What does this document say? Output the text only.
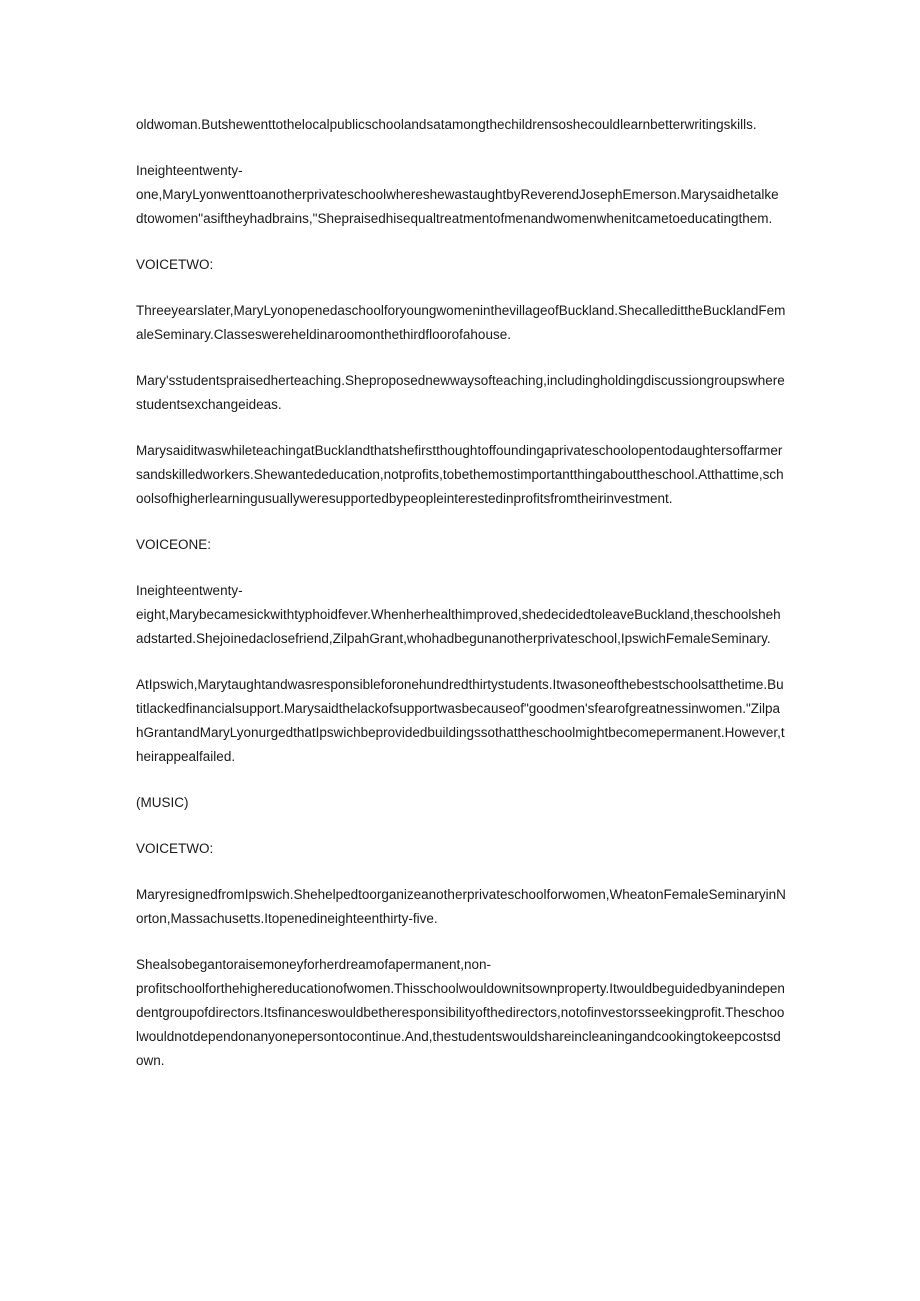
oldwoman.Butshewenttothelocalpublicschoolandsatamongthechildrensoshecouldlearnbetterwritingskills.

Ineighteentwenty-
one,MaryLyonwenttoanotherprivateschoolwhereshewastaughtbyReverendJosephEmerson.Marysaidhetalkedtowomen"asiftheyhadbrains,"Shepraisedhisequaltreatmentofmenandwomenwhenitcametoeducatingthem.

VOICETWO:

Threeyearslater,MaryLyonopenedaschoolforyoungwomeninthevillageofBuckland.ShecalledittheBucklandFemaleSeminary.Classeswereheldinaroomonthethirdfloorofahouse.

Mary'sstudentspraisedherteaching.Sheproposednewwaysofteaching,includingholdingdiscussiongroupswherestudentsexchangeideas.

MarysaiditwaswhileteachingatBucklandthatshefirstthoughtoffoundingaprivateschoolopentodaughtersoffarmersandskilledworkers.Shewantededucation,notprofits,tobethemostimportantthingabouttheschool.Atthattime,schoolsofhigherlearningusuallyweresupportedbypeopleinterestedinprofitsfromtheirinvestment.

VOICEONE:

Ineighteentwenty-
eight,Marybecamesickwithtyphoidfever.Whenherhealthimproved,shedecidedtoleaveBuckland,theschoolshehadstarted.Shejoinedaclosefriend,ZilpahGrant,whohadbegunanotherprivateschool,IpswichFemaleSeminary.

AtIpswich,Marytaughtandwasresponsibleforonehundredthirtystudents.Itwasoneofthebestschoolsatthetime.Butitlackedfinancialsupport.Marysaidthelackofsupportwasbecauseof"goodmen'sfearofgreatnessinwomen."ZilpahGrantandMaryLyonurgedthatIpswichbeprovidedbuildingssothattheschoolmightbecomepermanent.However,theirappealfailed.

(MUSIC)

VOICETWO:

MaryresignedfromIpswich.Shehelpedtoorganizeanotherprivateschoolforwomen,WheatonFemaleSeminaryinNorton,Massachusetts.Itopenedineighteenthirty-five.

Shealsobegantoraisemoneyforherdreamofapermanent,non-
profitschoolforthehighereducationofwomen.Thisschoolwouldownitsownproperty.Itwouldbeguidedbyanindependentgroupofdirectors.Itsfinanceswouldbetheresponsibilityofthedirectors,notofinvestorsseekingprofit.Theschoolwouldnotdependonanyonepersontocontinue.And,thestudentswouldshareincleaningandcookingtokeepcostsdown.
